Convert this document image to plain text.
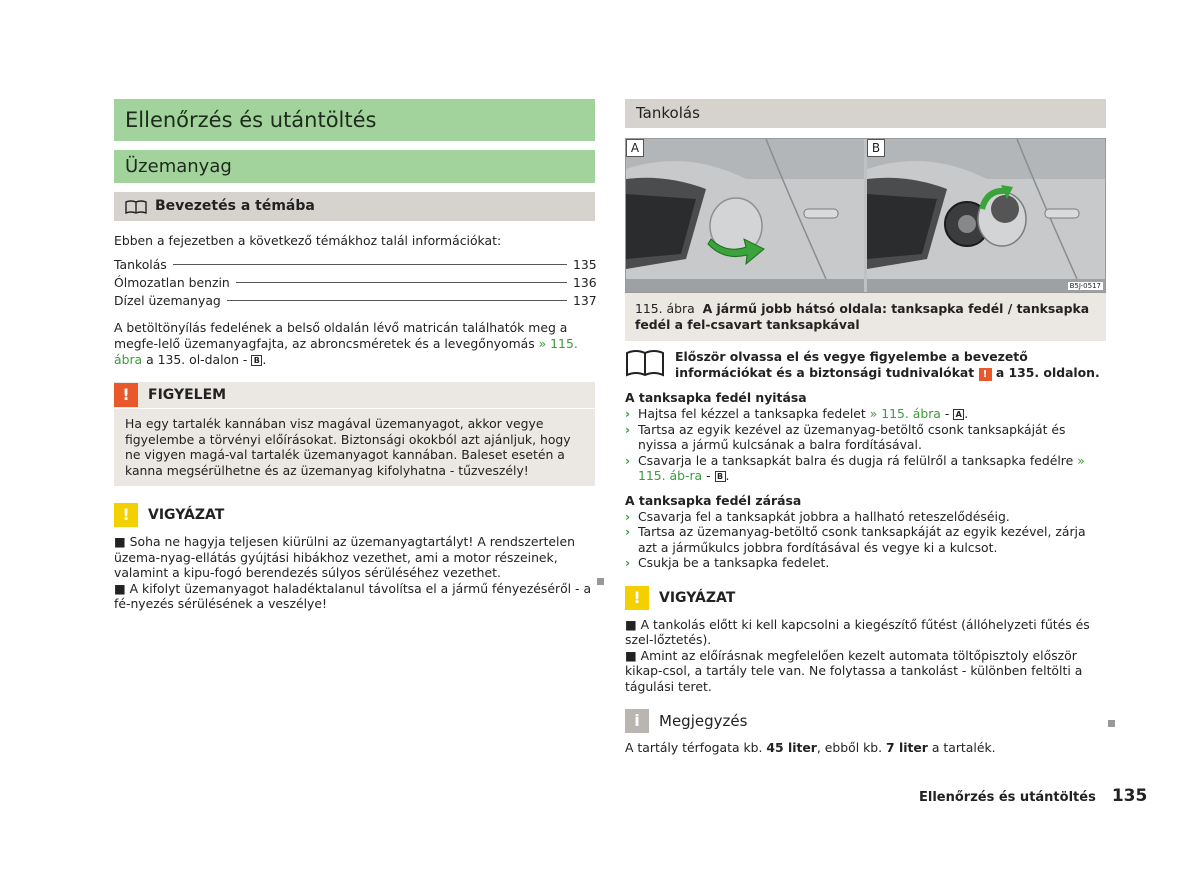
Ellenőrzés és utántöltés
Üzemanyag
Bevezetés a témába
Ebben a fejezetben a következő témákhoz talál információkat:
Tankolás	135
Ólmozatlan benzin	136
Dízel üzemanyag	137
A betöltönyílás fedelének a belső oldalán lévő matricán találhatók meg a megfe-lelő üzemanyagfajta, az abroncsméretek és a levegőnyomás » 115. ábra a 135. ol-dalon - B .
!	FIGYELEM
Ha egy tartalék kannában visz magával üzemanyagot, akkor vegye figyelembe a törvényi előírásokat. Biztonsági okokból azt ajánljuk, hogy ne vigyen magá-val tartalék üzemanyagot kannában. Baleset esetén a kanna megsérülhetne és az üzemanyag kifolyhatna - tűzveszély!
!	VIGYÁZAT
■ Soha ne hagyja teljesen kiürülni az üzemanyagtartályt! A rendszertelen üzema-nyag-ellátás gyújtási hibákhoz vezethet, ami a motor részeinek, valamint a kipu-fogó berendezés súlyos sérüléséhez vezethet.
■ A kifolyt üzemanyagot haladéktalanul távolítsa el a jármű fényezéséről - a fé-nyezés sérülésének a veszélye!
Tankolás
A	B
B5J-0517
115. ábra A jármű jobb hátsó oldala: tanksapka fedél / tanksapka fedél a fel-csavart tanksapkával
Először olvassa el és vegye figyelembe a bevezető információkat és a biztonsági tudnivalókat ! a 135. oldalon.
A tanksapka fedél nyitása
› Hajtsa fel kézzel a tanksapka fedelet » 115. ábra - A .
› Tartsa az egyik kezével az üzemanyag-betöltő csonk tanksapkáját és nyissa a jármű kulcsának a balra fordításával.
› Csavarja le a tanksapkát balra és dugja rá felülről a tanksapka fedélre » 115. áb-ra - B .
A tanksapka fedél zárása
› Csavarja fel a tanksapkát jobbra a hallható reteszelődéséig.
› Tartsa az üzemanyag-betöltő csonk tanksapkáját az egyik kezével, zárja azt a járműkulcs jobbra fordításával és vegye ki a kulcsot.
› Csukja be a tanksapka fedelet.
!	VIGYÁZAT
■ A tankolás előtt ki kell kapcsolni a kiegészítő fűtést (állóhelyzeti fűtés és szel-lőztetés).
■ Amint az előírásnak megfelelően kezelt automata töltőpisztoly először kikap-csol, a tartály tele van. Ne folytassa a tankolást - különben feltölti a tágulási teret.
i	Megjegyzés
A tartály térfogata kb. 45 liter, ebből kb. 7 liter a tartalék.
Ellenőrzés és utántöltés 135
